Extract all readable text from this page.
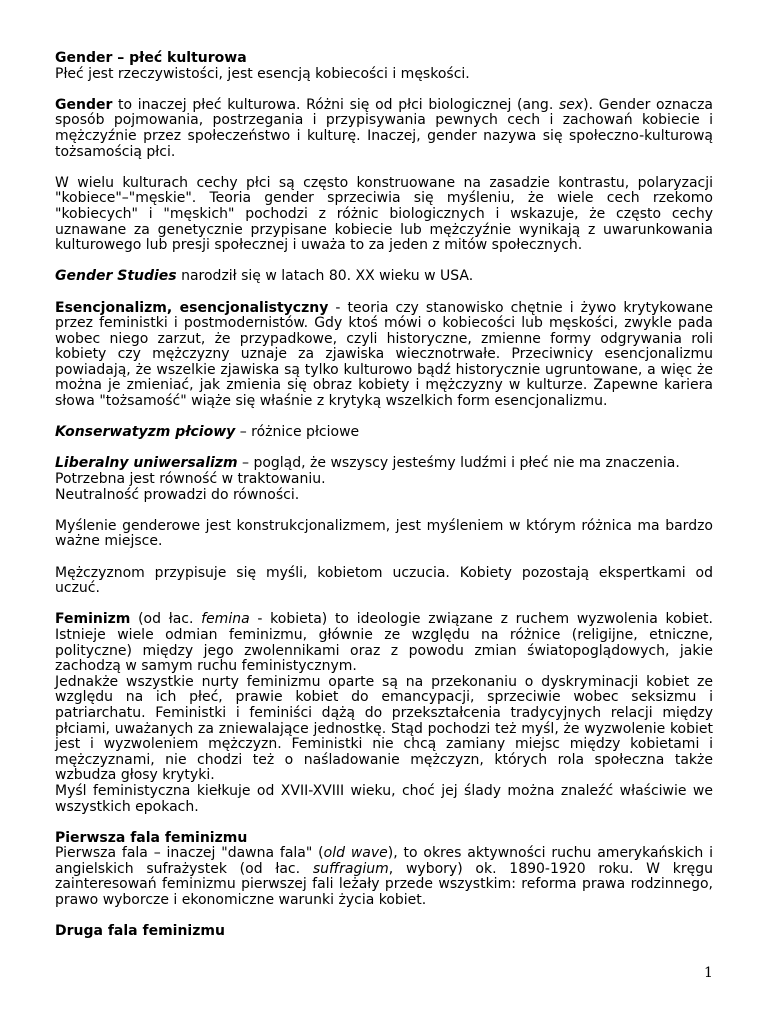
Gender – płeć kulturowa
Płeć jest rzeczywistości, jest esencją kobiecości i męskości.

Gender to inaczej płeć kulturowa. Różni się od płci biologicznej (ang. sex). Gender oznacza sposób pojmowania, postrzegania i przypisywania pewnych cech i zachowań kobiecie i mężczyźnie przez społeczeństwo i kulturę. Inaczej, gender nazywa się społeczno-kulturową tożsamością płci.

W wielu kulturach cechy płci są często konstruowane na zasadzie kontrastu, polaryzacji "kobiece"–"męskie". Teoria gender sprzeciwia się myśleniu, że wiele cech rzekomo "kobiecych" i "męskich" pochodzi z różnic biologicznych i wskazuje, że często cechy uznawane za genetycznie przypisane kobiecie lub mężczyźnie wynikają z uwarunkowania kulturowego lub presji społecznej i uważa to za jeden z mitów społecznych.

Gender Studies narodził się w latach 80. XX wieku w USA.

Esencjonalizm, esencjonalistyczny - teoria czy stanowisko chętnie i żywo krytykowane przez feministki i postmodernistów. Gdy ktoś mówi o kobiecości lub męskości, zwykle pada wobec niego zarzut, że przypadkowe, czyli historyczne, zmienne formy odgrywania roli kobiety czy mężczyzny uznaje za zjawiska wiecznotrwałe. Przeciwnicy esencjonalizmu powiadają, że wszelkie zjawiska są tylko kulturowo bądź historycznie ugruntowane, a więc że można je zmieniać, jak zmienia się obraz kobiety i mężczyzny w kulturze. Zapewne kariera słowa "tożsamość" wiąże się właśnie z krytyką wszelkich form esencjonalizmu.

Konserwatyzm płciowy – różnice płciowe

Liberalny uniwersalizm – pogląd, że wszyscy jesteśmy ludźmi i płeć nie ma znaczenia.
Potrzebna jest równość w traktowaniu.
Neutralność prowadzi do równości.

Myślenie genderowe jest konstrukcjonalizmem, jest myśleniem w którym różnica ma bardzo ważne miejsce.

Mężczyznom przypisuje się myśli, kobietom uczucia. Kobiety pozostają ekspertkami od uczuć.

Feminizm (od łac. femina - kobieta) to ideologie związane z ruchem wyzwolenia kobiet. Istnieje wiele odmian feminizmu, głównie ze względu na różnice (religijne, etniczne, polityczne) między jego zwolennikami oraz z powodu zmian światopoglądowych, jakie zachodzą w samym ruchu feministycznym.

Jednakże wszystkie nurty feminizmu oparte są na przekonaniu o dyskryminacji kobiet ze względu na ich płeć, prawie kobiet do emancypacji, sprzeciwie wobec seksizmu i patriarchatu. Feministki i feminiści dążą do przekształcenia tradycyjnych relacji między płciami, uważanych za zniewalające jednostkę. Stąd pochodzi też myśl, że wyzwolenie kobiet jest i wyzwoleniem mężczyzn. Feministki nie chcą zamiany miejsc między kobietami i mężczyznami, nie chodzi też o naśladowanie mężczyzn, których rola społeczna także wzbudza głosy krytyki.

Myśl feministyczna kiełkuje od XVII-XVIII wieku, choć jej ślady można znaleźć właściwie we wszystkich epokach.

Pierwsza fala feminizmu
Pierwsza fala – inaczej "dawna fala" (old wave), to okres aktywności ruchu amerykańskich i angielskich sufrażystek (od łac. suffragium, wybory) ok. 1890-1920 roku. W kręgu zainteresowań feminizmu pierwszej fali leżały przede wszystkim: reforma prawa rodzinnego, prawo wyborcze i ekonomiczne warunki życia kobiet.

Druga fala feminizmu

1
